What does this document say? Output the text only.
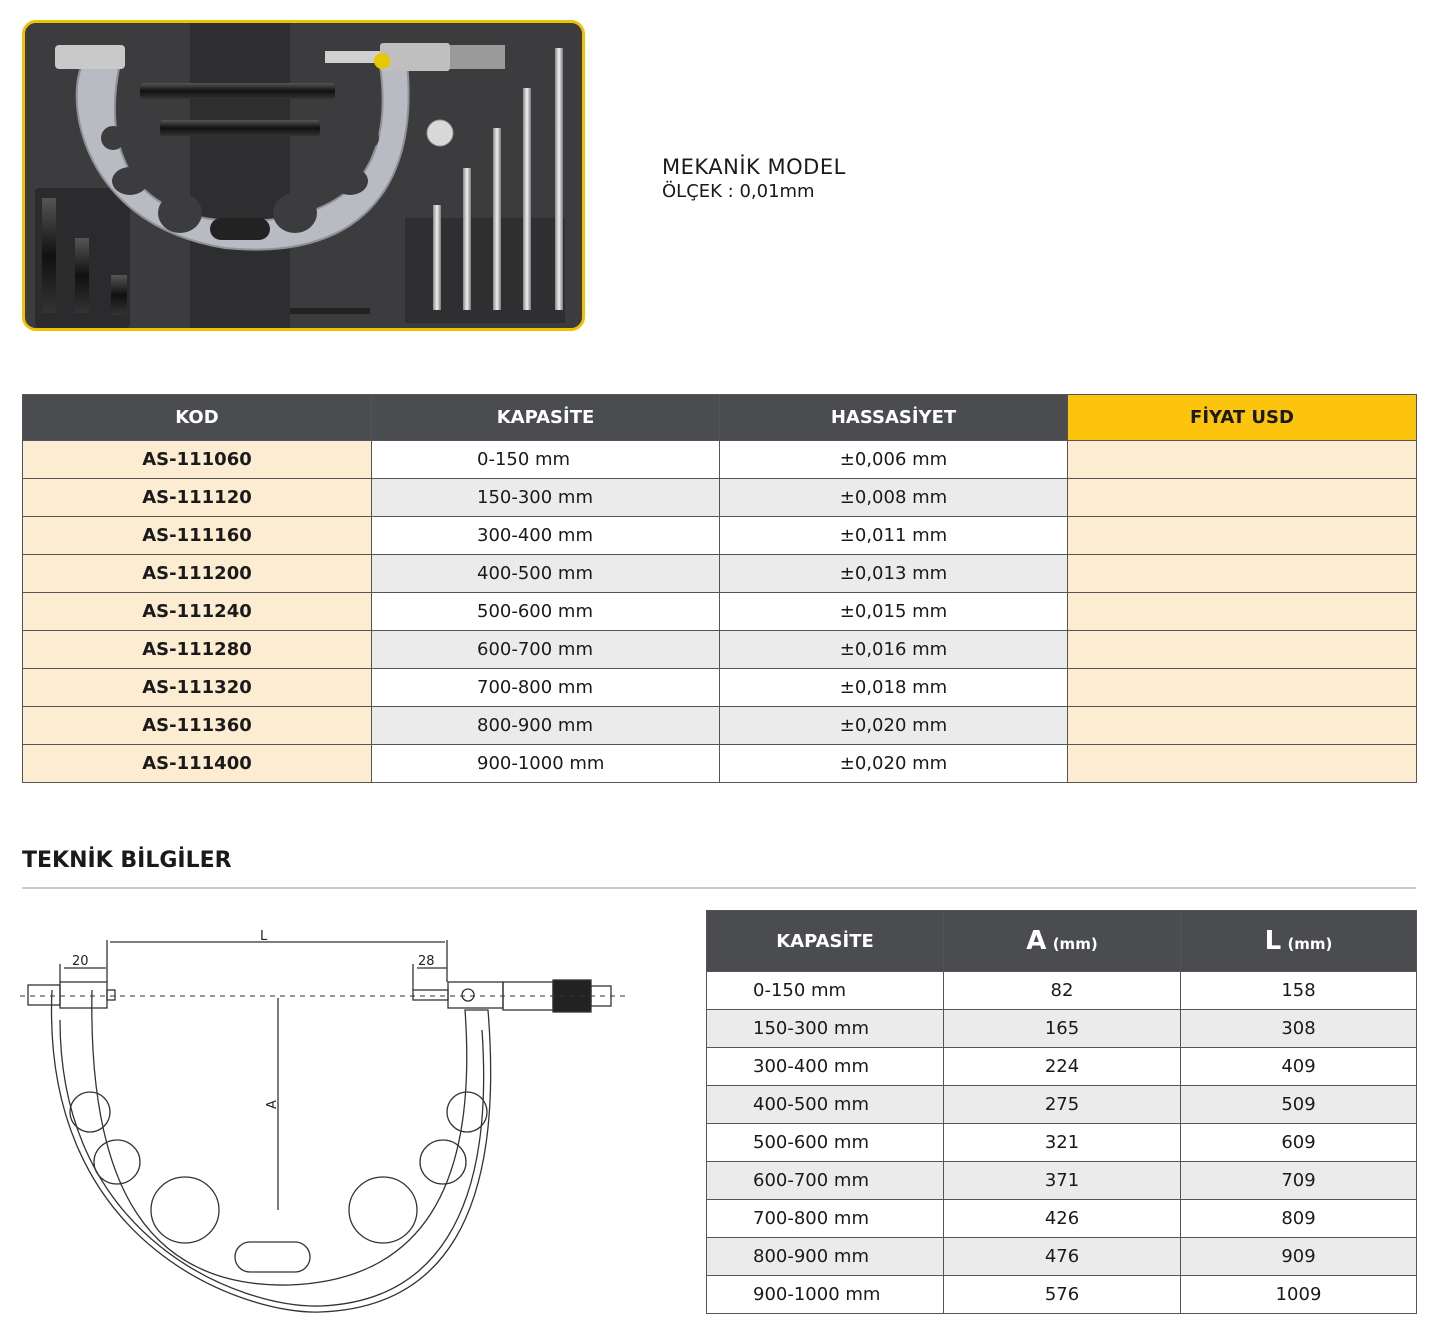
MEKANİK MODEL
ÖLÇEK : 0,01mm
KOD	KAPASİTE	HASSASİYET	FİYAT USD
AS-111060	0-150 mm	±0,006 mm	
AS-111120	150-300 mm	±0,008 mm	
AS-111160	300-400 mm	±0,011 mm	
AS-111200	400-500 mm	±0,013 mm	
AS-111240	500-600 mm	±0,015 mm	
AS-111280	600-700 mm	±0,016 mm	
AS-111320	700-800 mm	±0,018 mm	
AS-111360	800-900 mm	±0,020 mm	
AS-111400	900-1000 mm	±0,020 mm	
TEKNİK BİLGİLER
L
20	28
A
KAPASİTE	A (mm)	L (mm)
0-150 mm	82	158
150-300 mm	165	308
300-400 mm	224	409
400-500 mm	275	509
500-600 mm	321	609
600-700 mm	371	709
700-800 mm	426	809
800-900 mm	476	909
900-1000 mm	576	1009
